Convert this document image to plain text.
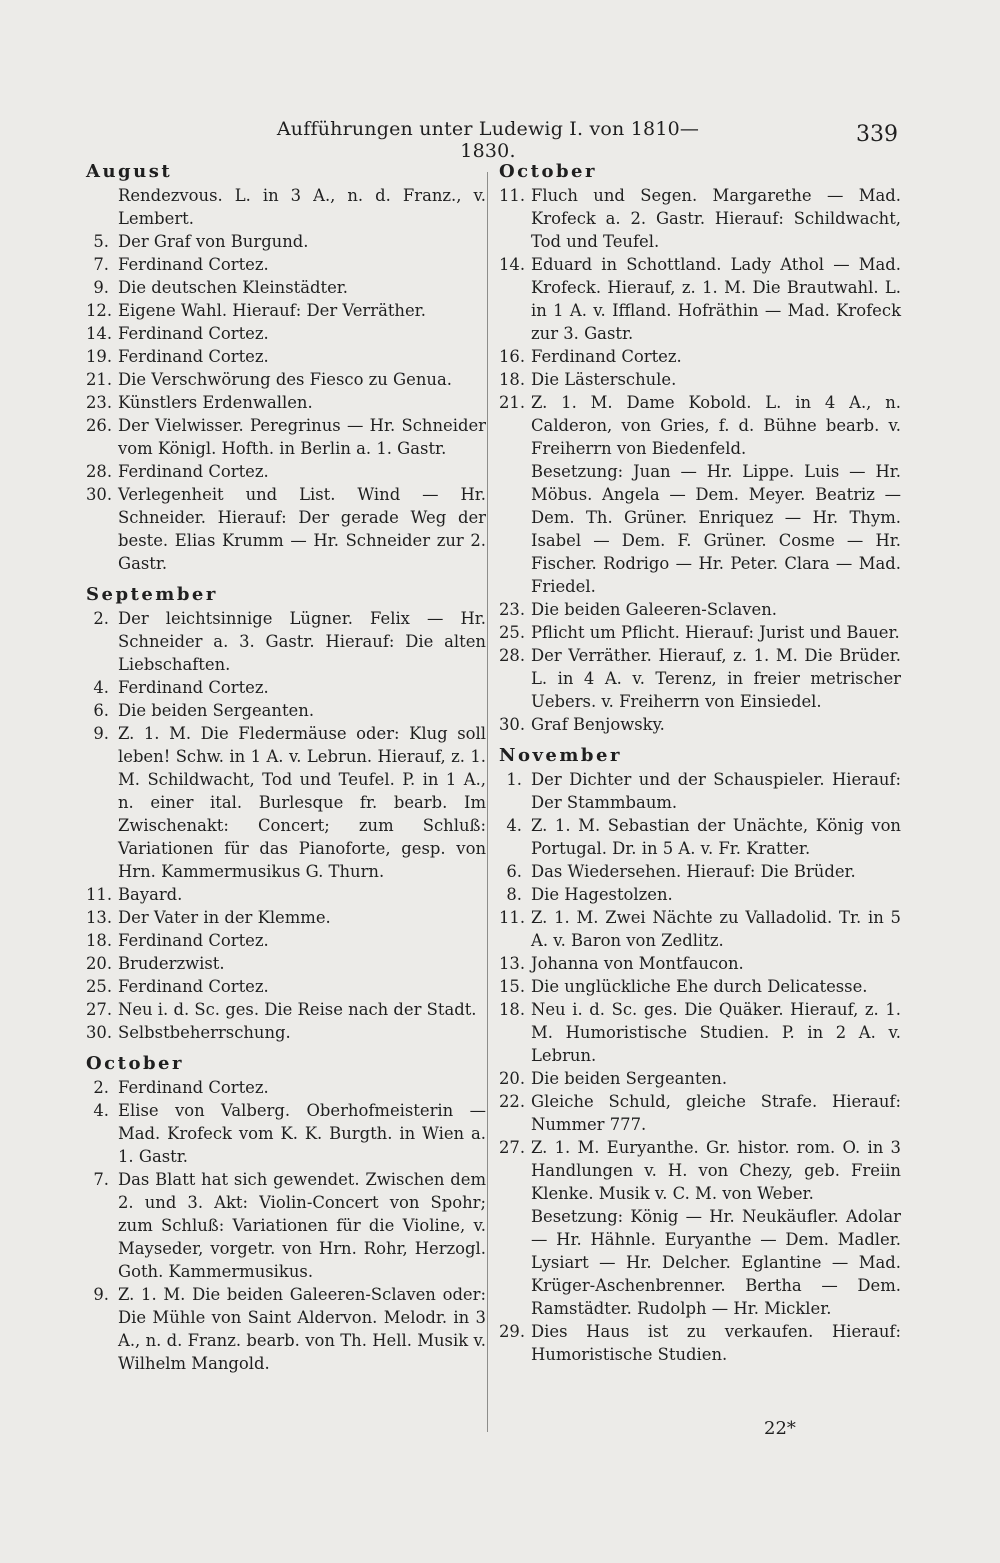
Aufführungen unter Ludewig I. von 1810—1830.
339
August
Rendezvous. L. in 3 A., n. d. Franz., v. Lembert.
5. Der Graf von Burgund.
7. Ferdinand Cortez.
9. Die deutschen Kleinstädter.
12. Eigene Wahl. Hierauf: Der Verräther.
14. Ferdinand Cortez.
19. Ferdinand Cortez.
21. Die Verschwörung des Fiesco zu Genua.
23. Künstlers Erdenwallen.
26. Der Vielwisser. Peregrinus — Hr. Schneider vom Königl. Hofth. in Berlin a. 1. Gastr.
28. Ferdinand Cortez.
30. Verlegenheit und List. Wind — Hr. Schneider. Hierauf: Der gerade Weg der beste. Elias Krumm — Hr. Schneider zur 2. Gastr.
September
2. Der leichtsinnige Lügner. Felix — Hr. Schneider a. 3. Gastr. Hierauf: Die alten Liebschaften.
4. Ferdinand Cortez.
6. Die beiden Sergeanten.
9. Z. 1. M. Die Fledermäuse oder: Klug soll leben! Schw. in 1 A. v. Lebrun. Hierauf, z. 1. M. Schildwacht, Tod und Teufel. P. in 1 A., n. einer ital. Burlesque fr. bearb. Im Zwischenakt: Concert; zum Schluß: Variationen für das Pianoforte, gesp. von Hrn. Kammermusikus G. Thurn.
11. Bayard.
13. Der Vater in der Klemme.
18. Ferdinand Cortez.
20. Bruderzwist.
25. Ferdinand Cortez.
27. Neu i. d. Sc. ges. Die Reise nach der Stadt.
30. Selbstbeherrschung.
October
2. Ferdinand Cortez.
4. Elise von Valberg. Oberhofmeisterin — Mad. Krofeck vom K. K. Burgth. in Wien a. 1. Gastr.
7. Das Blatt hat sich gewendet. Zwischen dem 2. und 3. Akt: Violin-Concert von Spohr; zum Schluß: Variationen für die Violine, v. Mayseder, vorgetr. von Hrn. Rohr, Herzogl. Goth. Kammermusikus.
9. Z. 1. M. Die beiden Galeeren-Sclaven oder: Die Mühle von Saint Aldervon. Melodr. in 3 A., n. d. Franz. bearb. von Th. Hell. Musik v. Wilhelm Mangold.
October
11. Fluch und Segen. Margarethe — Mad. Krofeck a. 2. Gastr. Hierauf: Schildwacht, Tod und Teufel.
14. Eduard in Schottland. Lady Athol — Mad. Krofeck. Hierauf, z. 1. M. Die Brautwahl. L. in 1 A. v. Iffland. Hofräthin — Mad. Krofeck zur 3. Gastr.
16. Ferdinand Cortez.
18. Die Lästerschule.
21. Z. 1. M. Dame Kobold. L. in 4 A., n. Calderon, von Gries, f. d. Bühne bearb. v. Freiherrn von Biedenfeld.
Besetzung: Juan — Hr. Lippe. Luis — Hr. Möbus. Angela — Dem. Meyer. Beatriz — Dem. Th. Grüner. Enriquez — Hr. Thym. Isabel — Dem. F. Grüner. Cosme — Hr. Fischer. Rodrigo — Hr. Peter. Clara — Mad. Friedel.
23. Die beiden Galeeren-Sclaven.
25. Pflicht um Pflicht. Hierauf: Jurist und Bauer.
28. Der Verräther. Hierauf, z. 1. M. Die Brüder. L. in 4 A. v. Terenz, in freier metrischer Uebers. v. Freiherrn von Einsiedel.
30. Graf Benjowsky.
November
1. Der Dichter und der Schauspieler. Hierauf: Der Stammbaum.
4. Z. 1. M. Sebastian der Unächte, König von Portugal. Dr. in 5 A. v. Fr. Kratter.
6. Das Wiedersehen. Hierauf: Die Brüder.
8. Die Hagestolzen.
11. Z. 1. M. Zwei Nächte zu Valladolid. Tr. in 5 A. v. Baron von Zedlitz.
13. Johanna von Montfaucon.
15. Die unglückliche Ehe durch Delicatesse.
18. Neu i. d. Sc. ges. Die Quäker. Hierauf, z. 1. M. Humoristische Studien. P. in 2 A. v. Lebrun.
20. Die beiden Sergeanten.
22. Gleiche Schuld, gleiche Strafe. Hierauf: Nummer 777.
27. Z. 1. M. Euryanthe. Gr. histor. rom. O. in 3 Handlungen v. H. von Chezy, geb. Freiin Klenke. Musik v. C. M. von Weber.
Besetzung: König — Hr. Neukäufler. Adolar — Hr. Hähnle. Euryanthe — Dem. Madler. Lysiart — Hr. Delcher. Eglantine — Mad. Krüger-Aschenbrenner. Bertha — Dem. Ramstädter. Rudolph — Hr. Mickler.
29. Dies Haus ist zu verkaufen. Hierauf: Humoristische Studien.
22*
